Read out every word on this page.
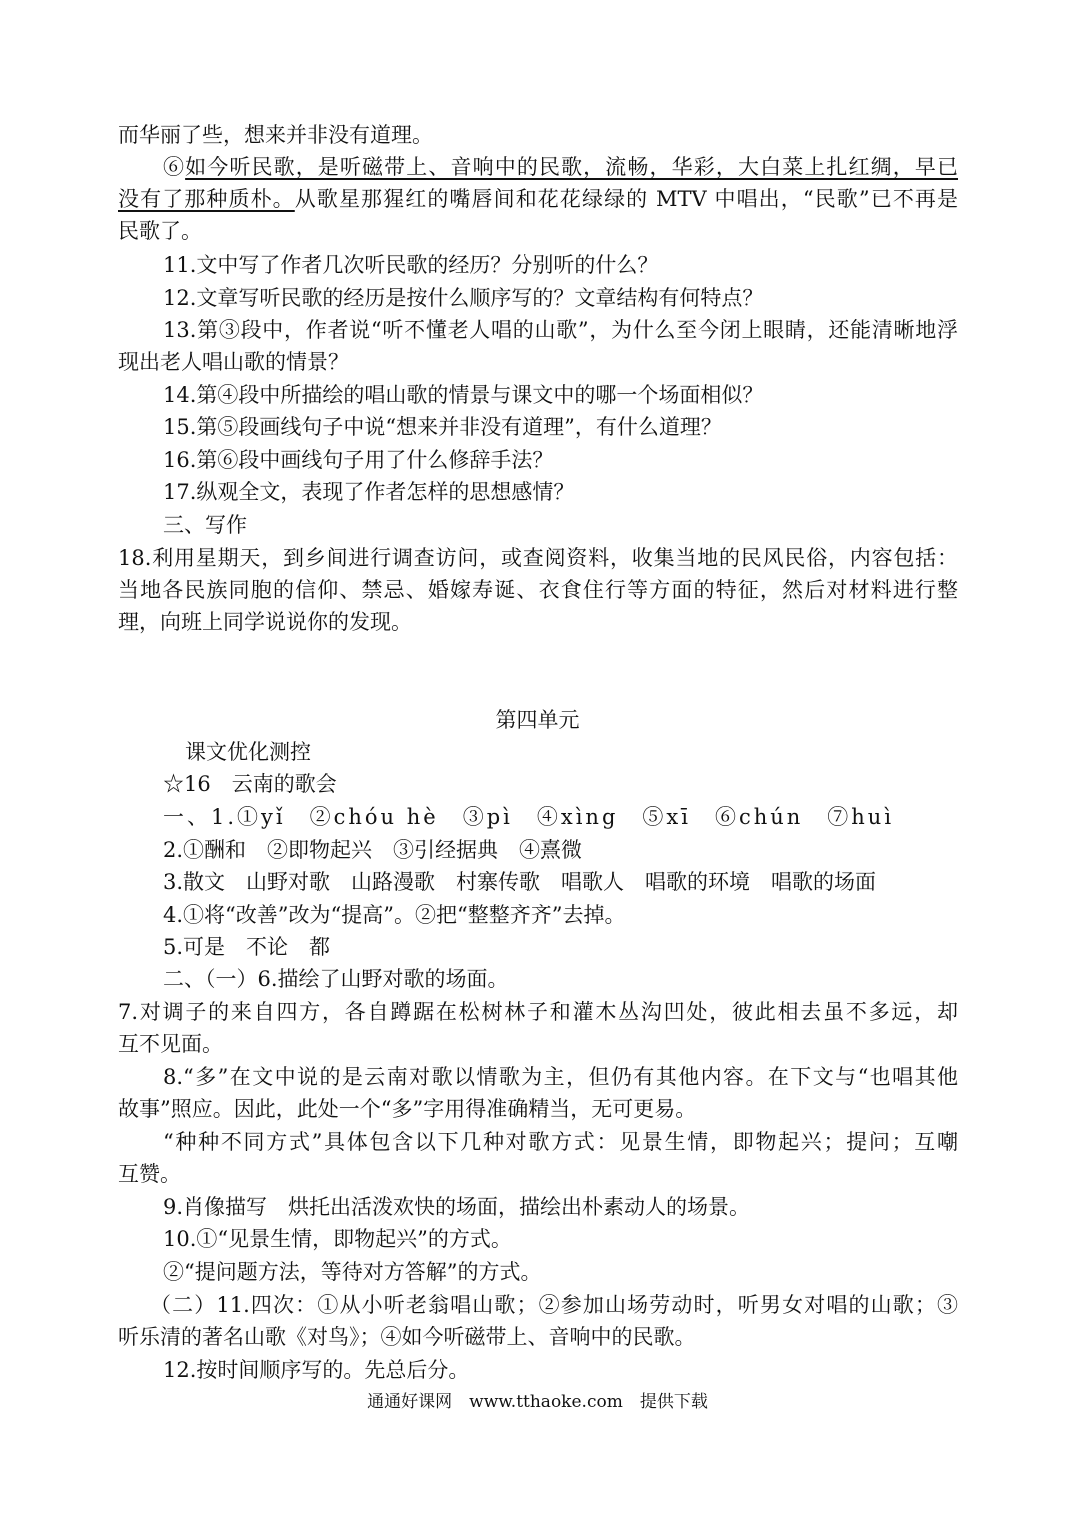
而华丽了些，想来并非没有道理。
⑥如今听民歌，是听磁带上、音响中的民歌，流畅，华彩，大白菜上扎红绸，早已
没有了那种质朴。从歌星那猩红的嘴唇间和花花绿绿的 MTV 中唱出，“民歌”已不再是
民歌了。
11.文中写了作者几次听民歌的经历？分别听的什么？
12.文章写听民歌的经历是按什么顺序写的？文章结构有何特点？
13.第③段中，作者说“听不懂老人唱的山歌”，为什么至今闭上眼睛，还能清晰地浮
现出老人唱山歌的情景？
14.第④段中所描绘的唱山歌的情景与课文中的哪一个场面相似？
15.第⑤段画线句子中说“想来并非没有道理”，有什么道理？
16.第⑥段中画线句子用了什么修辞手法？
17.纵观全文，表现了作者怎样的思想感情？
三、写作
18.利用星期天，到乡间进行调查访问，或查阅资料，收集当地的民风民俗，内容包括：
当地各民族同胞的信仰、禁忌、婚嫁寿诞、衣食住行等方面的特征，然后对材料进行整
理，向班上同学说说你的发现。
第四单元
课文优化测控
☆16　云南的歌会
一、1.①yǐ　②chóu hè　③pì　④xìng　⑤xī　⑥chún　⑦huì
2.①酬和　②即物起兴　③引经据典　④熹微
3.散文　山野对歌　山路漫歌　村寨传歌　唱歌人　唱歌的环境　唱歌的场面
4.①将“改善”改为“提高”。②把“整整齐齐”去掉。
5.可是　不论　都
二、（一）6.描绘了山野对歌的场面。
7.对调子的来自四方，各自蹲踞在松树林子和灌木丛沟凹处，彼此相去虽不多远，却
互不见面。
8.“多”在文中说的是云南对歌以情歌为主，但仍有其他内容。在下文与“也唱其他
故事”照应。因此，此处一个“多”字用得准确精当，无可更易。
“种种不同方式”具体包含以下几种对歌方式：见景生情，即物起兴；提问；互嘲
互赞。
9.肖像描写　烘托出活泼欢快的场面，描绘出朴素动人的场景。
10.①“见景生情，即物起兴”的方式。
②“提问题方法，等待对方答解”的方式。
（二）11.四次：①从小听老翁唱山歌；②参加山场劳动时，听男女对唱的山歌；③
听乐清的著名山歌《对鸟》；④如今听磁带上、音响中的民歌。
12.按时间顺序写的。先总后分。
通通好课网　www.tthaoke.com　提供下载
